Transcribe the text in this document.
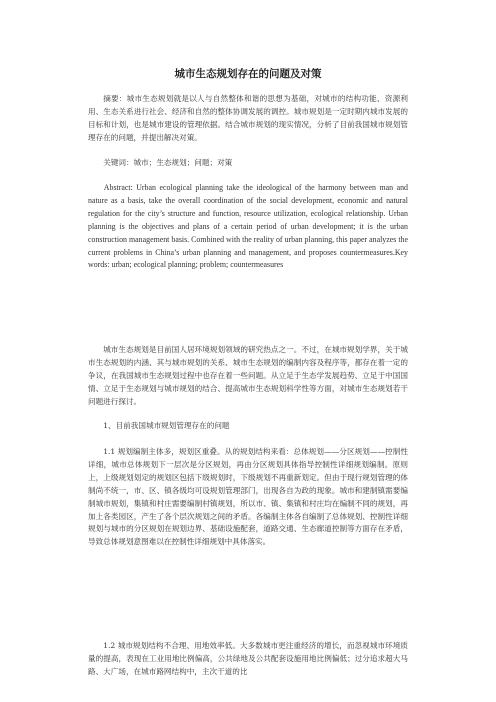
城市生态规划存在的问题及对策

摘要：城市生态规划就是以人与自然整体和谐的思想为基础，对城市的结构功能、资源利用、生态关系进行社会、经济和自然的整体协调发展的调控。城市规划是一定时期内城市发展的目标和计划，也是城市建设的管理依据。结合城市规划的现实情况，分析了目前我国城市规划管理存在的问题，并提出解决对策。

关键词：城市；生态规划；问题；对策

Abstract: Urban ecological planning take the ideological of the harmony between man and nature as a basis, take the overall coordination of the social development, economic and natural regulation for the city’s structure and function, resource utilization, ecological relationship. Urban planning is the objectives and plans of a certain period of urban development; it is the urban construction management basis. Combined with the reality of urban planning, this paper analyzes the current problems in China’s urban planning and management, and proposes countermeasures.Key words: urban; ecological planning; problem; countermeasures

城市生态规划是目前国人居环境规划领域的研究热点之一。不过，在城市规划学界，关于城市生态规划的内涵、其与城市规划的关系、城市生态规划的编制内容及程序等，都存在着一定的争议，在我国城市生态规划过程中也存在着一些问题。从立足于生态学发展趋势、立足于中国国情、立足于生态规划与城市规划的结合、提高城市生态规划科学性等方面，对城市生态规划若干问题进行探讨。

1、目前我国城市规划管理存在的问题

1.1 规划编制主体多，规划区重叠。从的规划结构来看：总体规划——分区规划——控制性详细，城市总体规划下一层次是分区规划，再由分区规划具体指导控制性详细规划编制。原则上，上级规划划定的规划区包括下级规划时，下级规划不再重新划定。但由于现行规划管理的体制尚不统一，市、区、镇各级均可设规划管理部门，出现各自为政的现象。城市和建制镇需要编制城市规划，集镇和村庄需要编制村镇规划，所以市、镇、集镇和村庄均在编制不同的规划，再加上各类园区，产生了各个层次规划之间的矛盾。各编制主体各自编制了总体规划、控制性详细规划与城市的分区规划在规划边界、基础设施配套，道路交通、生态廊道控制等方面存在矛盾，导致总体规划意图难以在控制性详细规划中具体落实。

1.2 城市规划结构不合理、用地效率低。大多数城市更注重经济的增长，而忽视城市环境质量的提高，表现在工业用地比例偏高，公共绿地及公共配套设施用地比例偏低；过分追求超大马路、大广场，在城市路网结构中，主次干道的比
